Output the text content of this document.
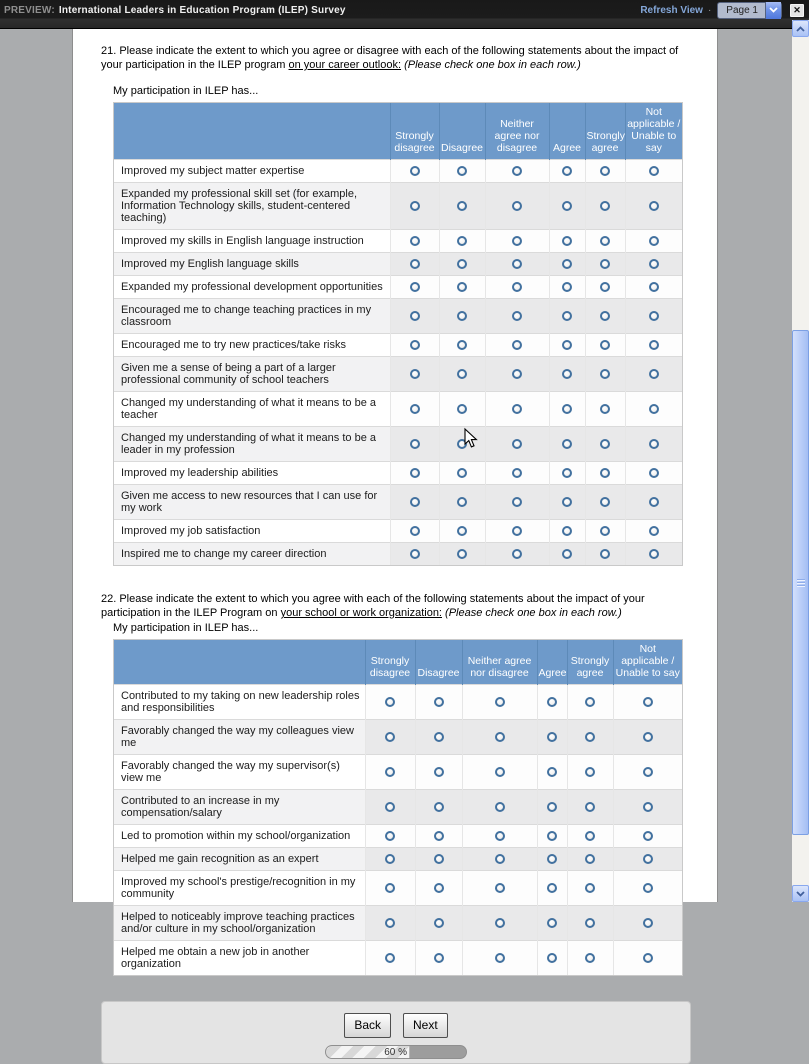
PREVIEW: International Leaders in Education Program (ILEP) Survey	Refresh View ·	Page 1	✕
21. Please indicate the extent to which you agree or disagree with each of the following statements about the impact of your participation in the ILEP program on your career outlook: (Please check one box in each row.)
My participation in ILEP has...
	Strongly disagree	Disagree	Neither agree nor disagree	Agree	Strongly agree	Not applicable / Unable to say
Improved my subject matter expertise						
Expanded my professional skill set (for example, Information Technology skills, student-centered teaching)						
Improved my skills in English language instruction						
Improved my English language skills						
Expanded my professional development opportunities						
Encouraged me to change teaching practices in my classroom						
Encouraged me to try new practices/take risks						
Given me a sense of being a part of a larger professional community of school teachers						
Changed my understanding of what it means to be a teacher						
Changed my understanding of what it means to be a leader in my profession						
Improved my leadership abilities						
Given me access to new resources that I can use for my work						
Improved my job satisfaction						
Inspired me to change my career direction						
22. Please indicate the extent to which you agree with each of the following statements about the impact of your participation in the ILEP Program on your school or work organization: (Please check one box in each row.)
My participation in ILEP has...
	Strongly disagree	Disagree	Neither agree nor disagree	Agree	Strongly agree	Not applicable / Unable to say
Contributed to my taking on new leadership roles and responsibilities						
Favorably changed the way my colleagues view me						
Favorably changed the way my supervisor(s) view me						
Contributed to an increase in my compensation/salary						
Led to promotion within my school/organization						
Helped me gain recognition as an expert						
Improved my school's prestige/recognition in my community						
Helped to noticeably improve teaching practices and/or culture in my school/organization						
Helped me obtain a new job in another organization						
Back	Next
60 %
